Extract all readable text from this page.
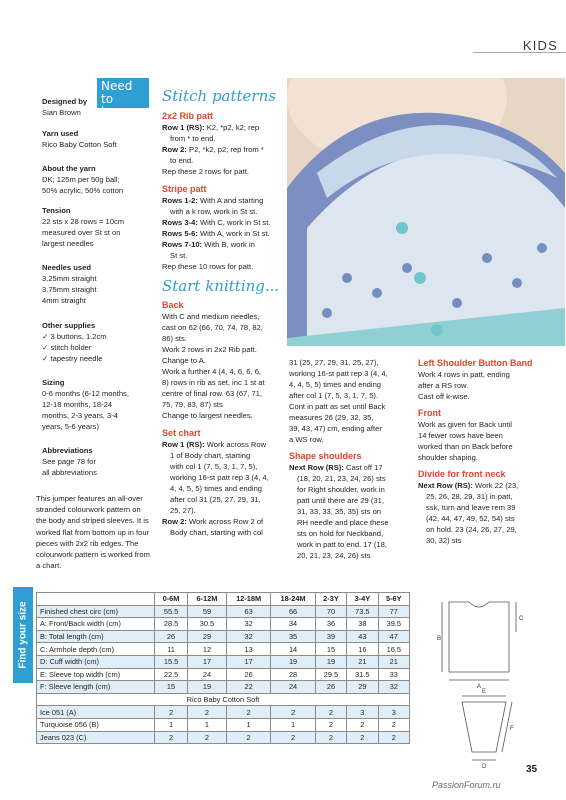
KIDS
Need to know...
Designed by
Sian Brown
Yarn used
Rico Baby Cotton Soft
About the yarn
DK; 125m per 50g ball;
50% acrylic, 50% cotton
Tension
22 sts x 28 rows = 10cm
measured over St st on
largest needles
Needles used
3.25mm straight
3.75mm straight
4mm straight
Other supplies
✓ 3 buttons, 1.2cm
✓ stitch holder
✓ tapestry needle
Sizing
0-6 months (6-12 months,
12-18 months, 18-24
months, 2-3 years, 3-4
years, 5-6 years)
Abbreviations
See page 78 for
all abbreviations
This jumper features an all-over stranded colourwork pattern on the body and striped sleeves. It is worked flat from bottom up in four pieces with 2x2 rib edges. The colourwork pattern is worked from a chart.
Stitch patterns
2x2 Rib patt
Row 1 (RS): K2, *p2, k2; rep
from * to end.
Row 2: P2, *k2, p2; rep from *
to end.
Rep these 2 rows for patt.
Stripe patt
Rows 1-2: With A and starting
with a k row, work in St st.
Rows 3-4: With C, work in St st.
Rows 5-6: With A, work in St st.
Rows 7-10: With B, work in
St st.
Rep these 10 rows for patt.
Start knitting...
Back
With C and medium needles,
cast on 62 (66, 70, 74, 78, 82,
86) sts.
Work 2 rows in 2x2 Rib patt.
Change to A.
Work a further 4 (4, 4, 6, 6, 6,
8) rows in rib as set, inc 1 st at
centre of final row. 63 (67, 71,
75, 79, 83, 87) sts
Change to largest needles.
Set chart
Row 1 (RS): Work across Row
1 of Body chart, starting
with col 1 (7, 5, 3, 1, 7, 5),
working 16-st patt rep 3 (4, 4,
4, 4, 5, 5) times and ending
after col 31 (25, 27, 29, 31,
25, 27).
Row 2: Work across Row 2 of
Body chart, starting with col
31 (25, 27, 29, 31, 25, 27),
working 16-st patt rep 3 (4, 4,
4, 4, 5, 5) times and ending
after col 1 (7, 5, 3, 1, 7, 5).
Cont in patt as set until Back
measures 26 (29, 32, 35,
39, 43, 47) cm, ending after
a WS row.
Shape shoulders
Next Row (RS): Cast off 17
(18, 20, 21, 23, 24, 26) sts
for Right shoulder, work in
patt until there are 29 (31,
31, 33, 33, 35, 35) sts on
RH needle and place these
sts on hold for Neckband,
work in patt to end. 17 (18,
20, 21, 23, 24, 26) sts
Left Shoulder Button Band
Work 4 rows in patt, ending
after a RS row.
Cast off k-wise.
Front
Work as given for Back until
14 fewer rows have been
worked than on Back before
shoulder shaping.
Divide for front neck
Next Row (RS): Work 22 (23,
25, 26, 28, 29, 31) in patt,
ssk, turn and leave rem 39
(42, 44, 47, 49, 52, 54) sts
on hold. 23 (24, 26, 27, 29,
30, 32) sts
Find your size
	0-6M	6-12M	12-18M	18-24M	2-3Y	3-4Y	5-6Y
Finished chest circ (cm)	55.5	59	63	66	70	73.5	77
A: Front/Back width (cm)	28.5	30.5	32	34	36	38	39.5
B: Total length (cm)	26	29	32	35	39	43	47
C: Armhole depth (cm)	11	12	13	14	15	16	16.5
D: Cuff width (cm)	15.5	17	17	19	19	21	21
E: Sleeve top width (cm)	22.5	24	26	28	29.5	31.5	33
F: Sleeve length (cm)	15	19	22	24	26	29	32
Rico Baby Cotton Soft							
Ice 051 (A)	2	2	2	2	2	3	3
Turquoise 056 (B)	1	1	1	1	2	2	2
Jeans 023 (C)	2	2	2	2	2	2	2
B
C
A
E
F
D	35
PassionForum.ru
